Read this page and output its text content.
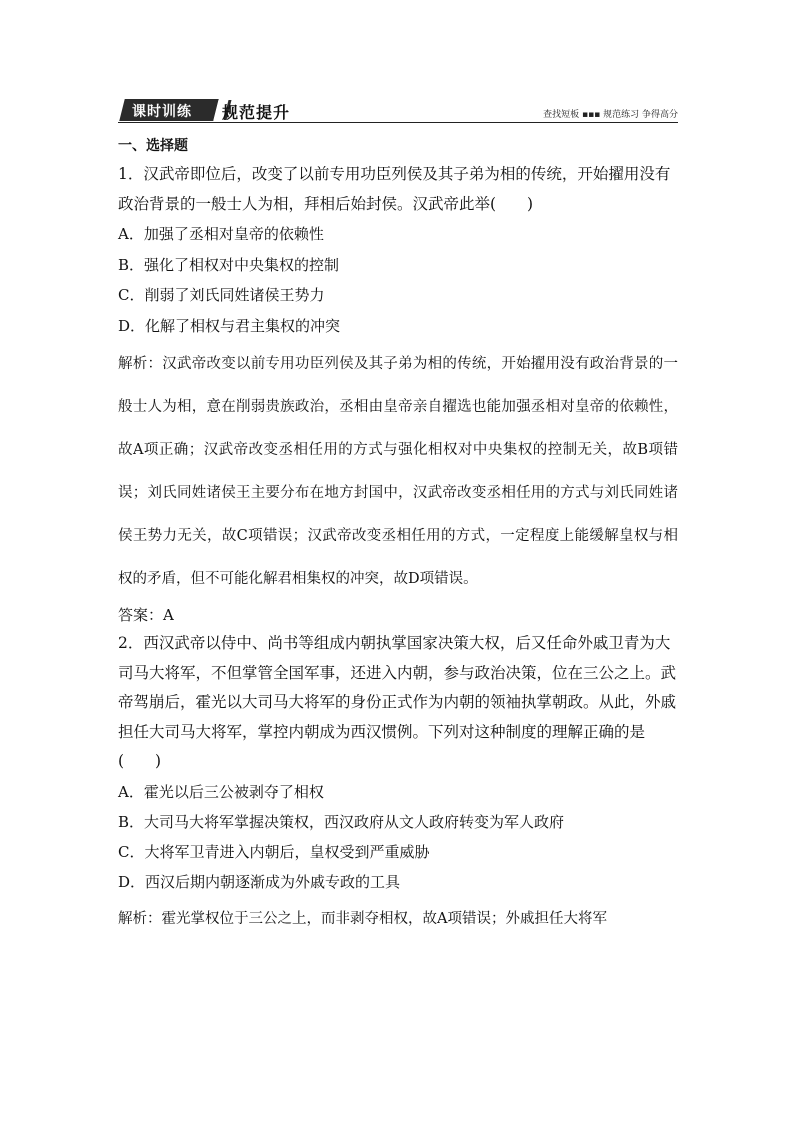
课时训练 规范提升	查找短板 ▪▪▪ 规范练习 争得高分
一、选择题

1．汉武帝即位后，改变了以前专用功臣列侯及其子弟为相的传统，开始擢用没有政治背景的一般士人为相，拜相后始封侯。汉武帝此举(　　)

A．加强了丞相对皇帝的依赖性

B．强化了相权对中央集权的控制

C．削弱了刘氏同姓诸侯王势力

D．化解了相权与君主集权的冲突

解析：汉武帝改变以前专用功臣列侯及其子弟为相的传统，开始擢用没有政治背景的一般士人为相，意在削弱贵族政治，丞相由皇帝亲自擢选也能加强丞相对皇帝的依赖性，故A项正确；汉武帝改变丞相任用的方式与强化相权对中央集权的控制无关，故B项错误；刘氏同姓诸侯王主要分布在地方封国中，汉武帝改变丞相任用的方式与刘氏同姓诸侯王势力无关，故C项错误；汉武帝改变丞相任用的方式，一定程度上能缓解皇权与相权的矛盾，但不可能化解君相集权的冲突，故D项错误。

答案：A

2．西汉武帝以侍中、尚书等组成内朝执掌国家决策大权，后又任命外戚卫青为大司马大将军，不但掌管全国军事，还进入内朝，参与政治决策，位在三公之上。武帝驾崩后，霍光以大司马大将军的身份正式作为内朝的领袖执掌朝政。从此，外戚担任大司马大将军，掌控内朝成为西汉惯例。下列对这种制度的理解正确的是(　　)

A．霍光以后三公被剥夺了相权

B．大司马大将军掌握决策权，西汉政府从文人政府转变为军人政府

C．大将军卫青进入内朝后，皇权受到严重威胁

D．西汉后期内朝逐渐成为外戚专政的工具

解析：霍光掌权位于三公之上，而非剥夺相权，故A项错误；外戚担任大将军
